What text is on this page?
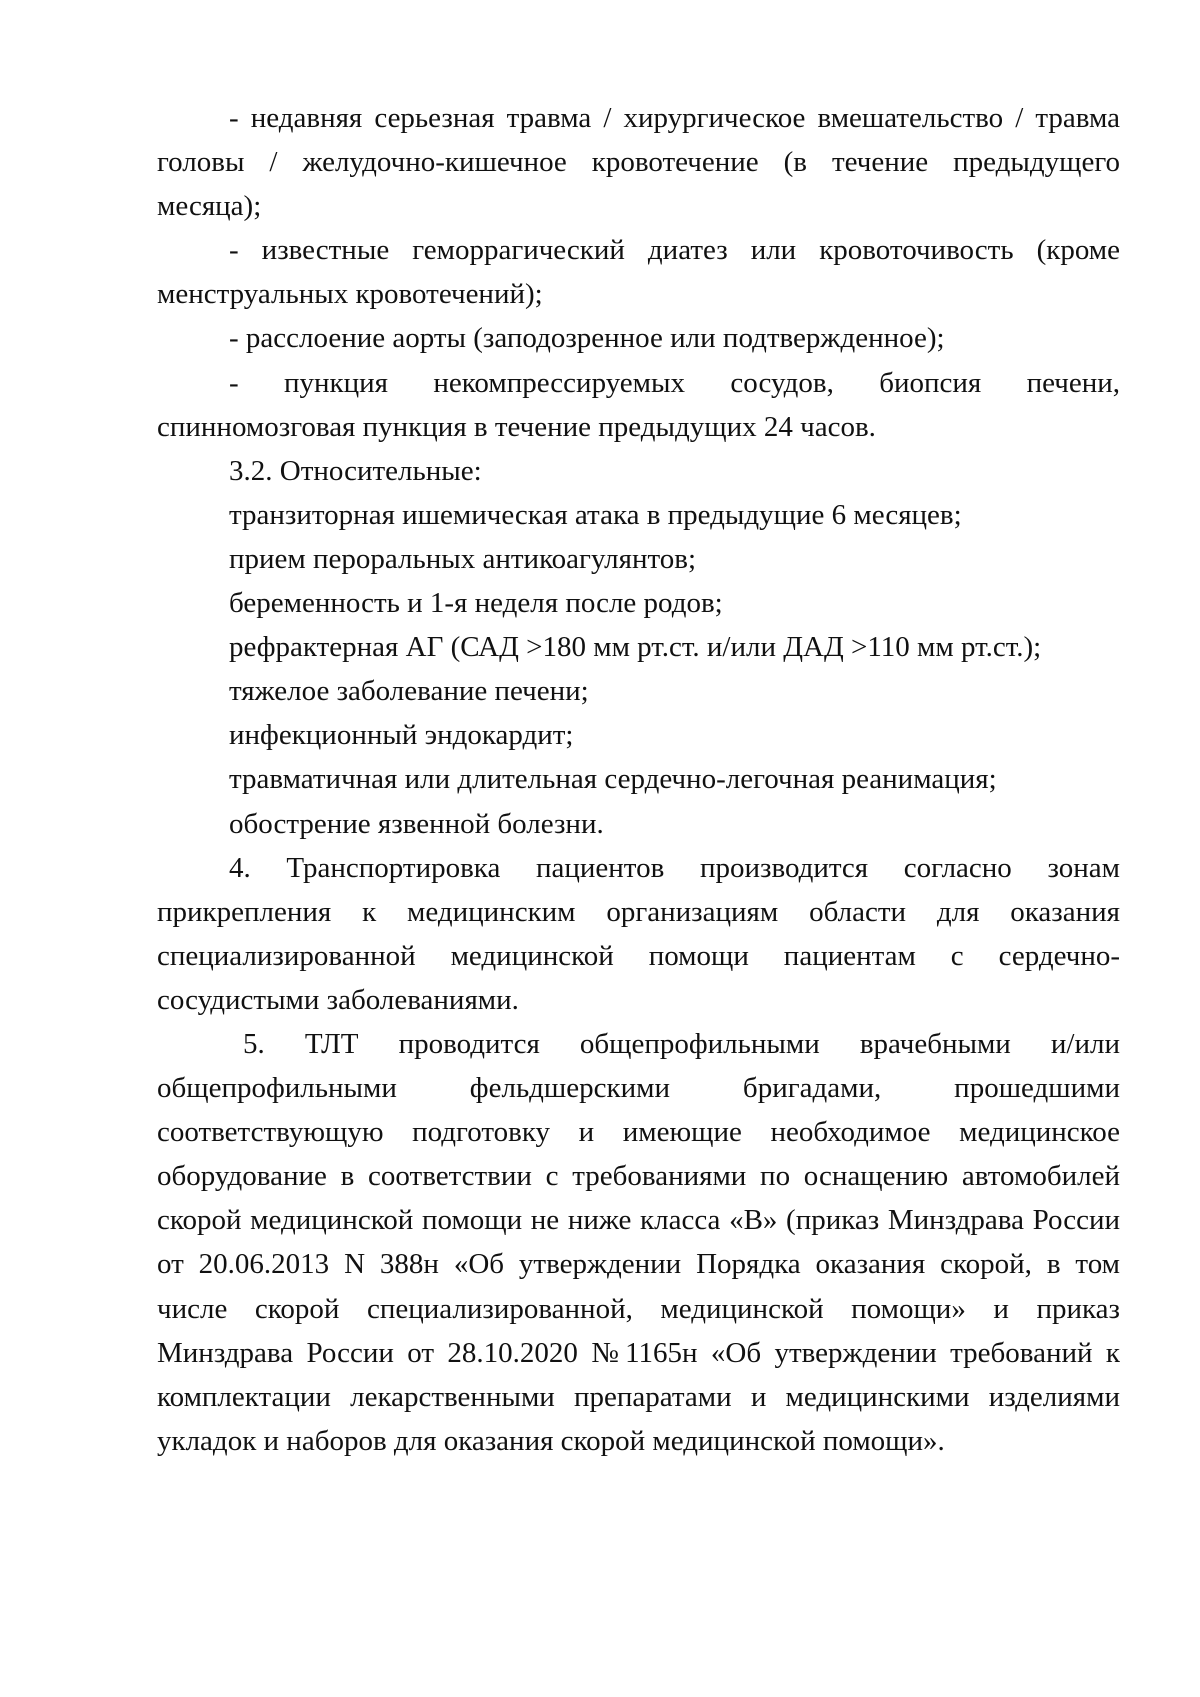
- недавняя серьезная травма / хирургическое вмешательство / травма головы / желудочно-кишечное кровотечение (в течение предыдущего месяца);

- известные геморрагический диатез или кровоточивость (кроме менструальных кровотечений);

- расслоение аорты (заподозренное или подтвержденное);

- пункция некомпрессируемых сосудов, биопсия печени, спинномозговая пункция в течение предыдущих 24 часов.

3.2. Относительные:

транзиторная ишемическая атака в предыдущие 6 месяцев;

прием пероральных антикоагулянтов;

беременность и 1-я неделя после родов;

рефрактерная АГ (САД >180 мм рт.ст. и/или ДАД >110 мм рт.ст.);

тяжелое заболевание печени;

инфекционный эндокардит;

травматичная или длительная сердечно-легочная реанимация;

обострение язвенной болезни.

4. Транспортировка пациентов производится согласно зонам прикрепления к медицинским организациям области для оказания специализированной медицинской помощи пациентам с сердечно-сосудистыми заболеваниями.

5. ТЛТ проводится общепрофильными врачебными и/или общепрофильными фельдшерскими бригадами, прошедшими соответствующую подготовку и имеющие необходимое медицинское оборудование в соответствии с требованиями по оснащению автомобилей скорой медицинской помощи не ниже класса «В» (приказ Минздрава России от 20.06.2013 N 388н «Об утверждении Порядка оказания скорой, в том числе скорой специализированной, медицинской помощи» и приказ Минздрава России от 28.10.2020 №1165н «Об утверждении требований к комплектации лекарственными препаратами и медицинскими изделиями укладок и наборов для оказания скорой медицинской помощи».
